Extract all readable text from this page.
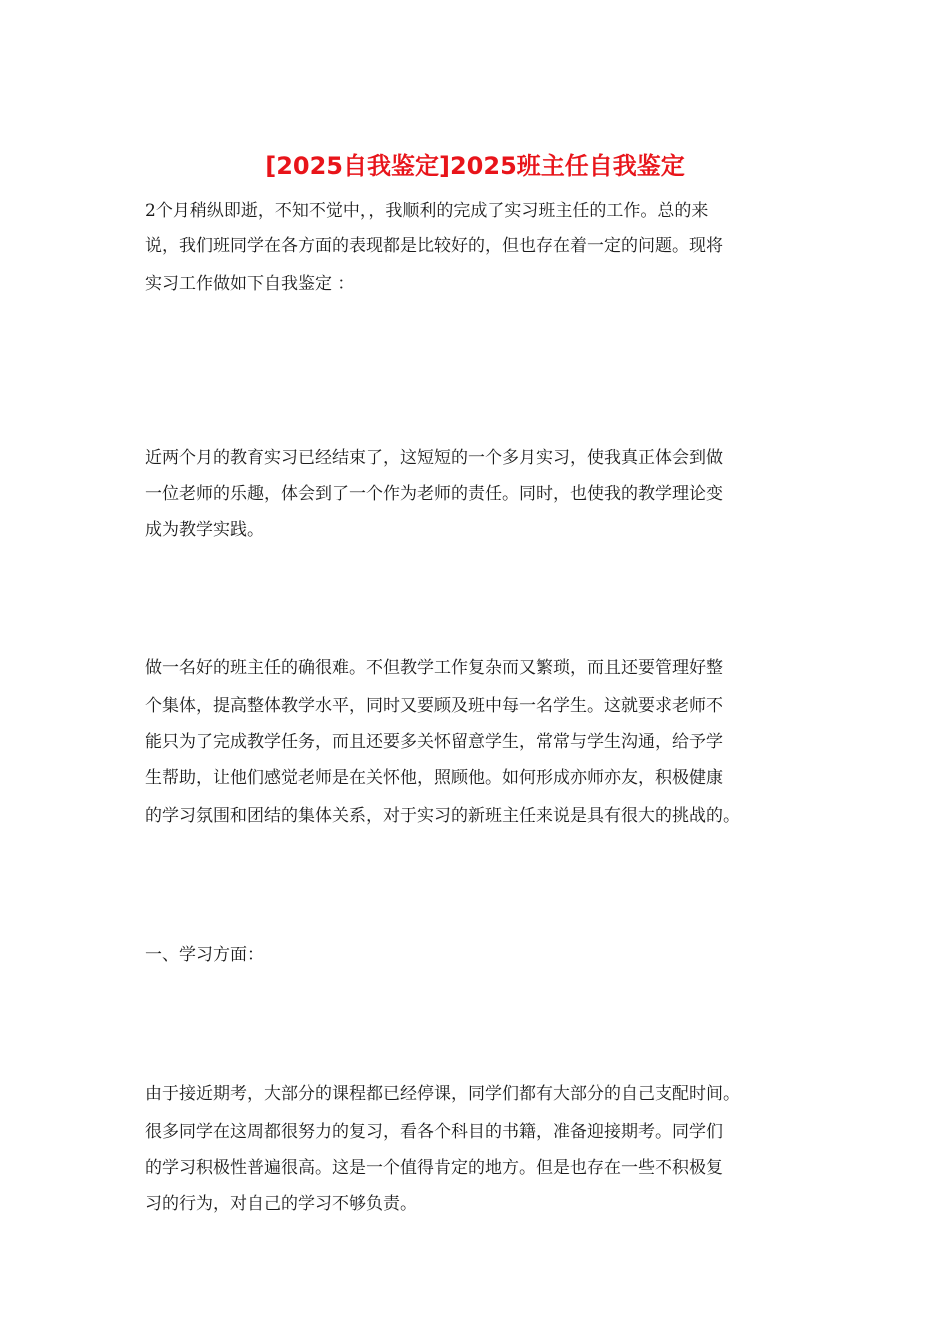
[2025自我鉴定]2025班主任自我鉴定

2个月稍纵即逝，不知不觉中，，我顺利的完成了实习班主任的工作。总的来

说，我们班同学在各方面的表现都是比较好的，但也存在着一定的问题。现将

实习工作做如下自我鉴定 ：

近两个月的教育实习已经结束了，这短短的一个多月实习，使我真正体会到做

一位老师的乐趣，体会到了一个作为老师的责任。同时，也使我的教学理论变

成为教学实践。

做一名好的班主任的确很难。不但教学工作复杂而又繁琐，而且还要管理好整

个集体，提高整体教学水平，同时又要顾及班中每一名学生。这就要求老师不

能只为了完成教学任务，而且还要多关怀留意学生，常常与学生沟通，给予学

生帮助，让他们感觉老师是在关怀他，照顾他。如何形成亦师亦友，积极健康

的学习氛围和团结的集体关系，对于实习的新班主任来说是具有很大的挑战的。

一、学习方面：

由于接近期考，大部分的课程都已经停课，同学们都有大部分的自己支配时间。

很多同学在这周都很努力的复习，看各个科目的书籍，准备迎接期考。同学们

的学习积极性普遍很高。这是一个值得肯定的地方。但是也存在一些不积极复

习的行为，对自己的学习不够负责。
